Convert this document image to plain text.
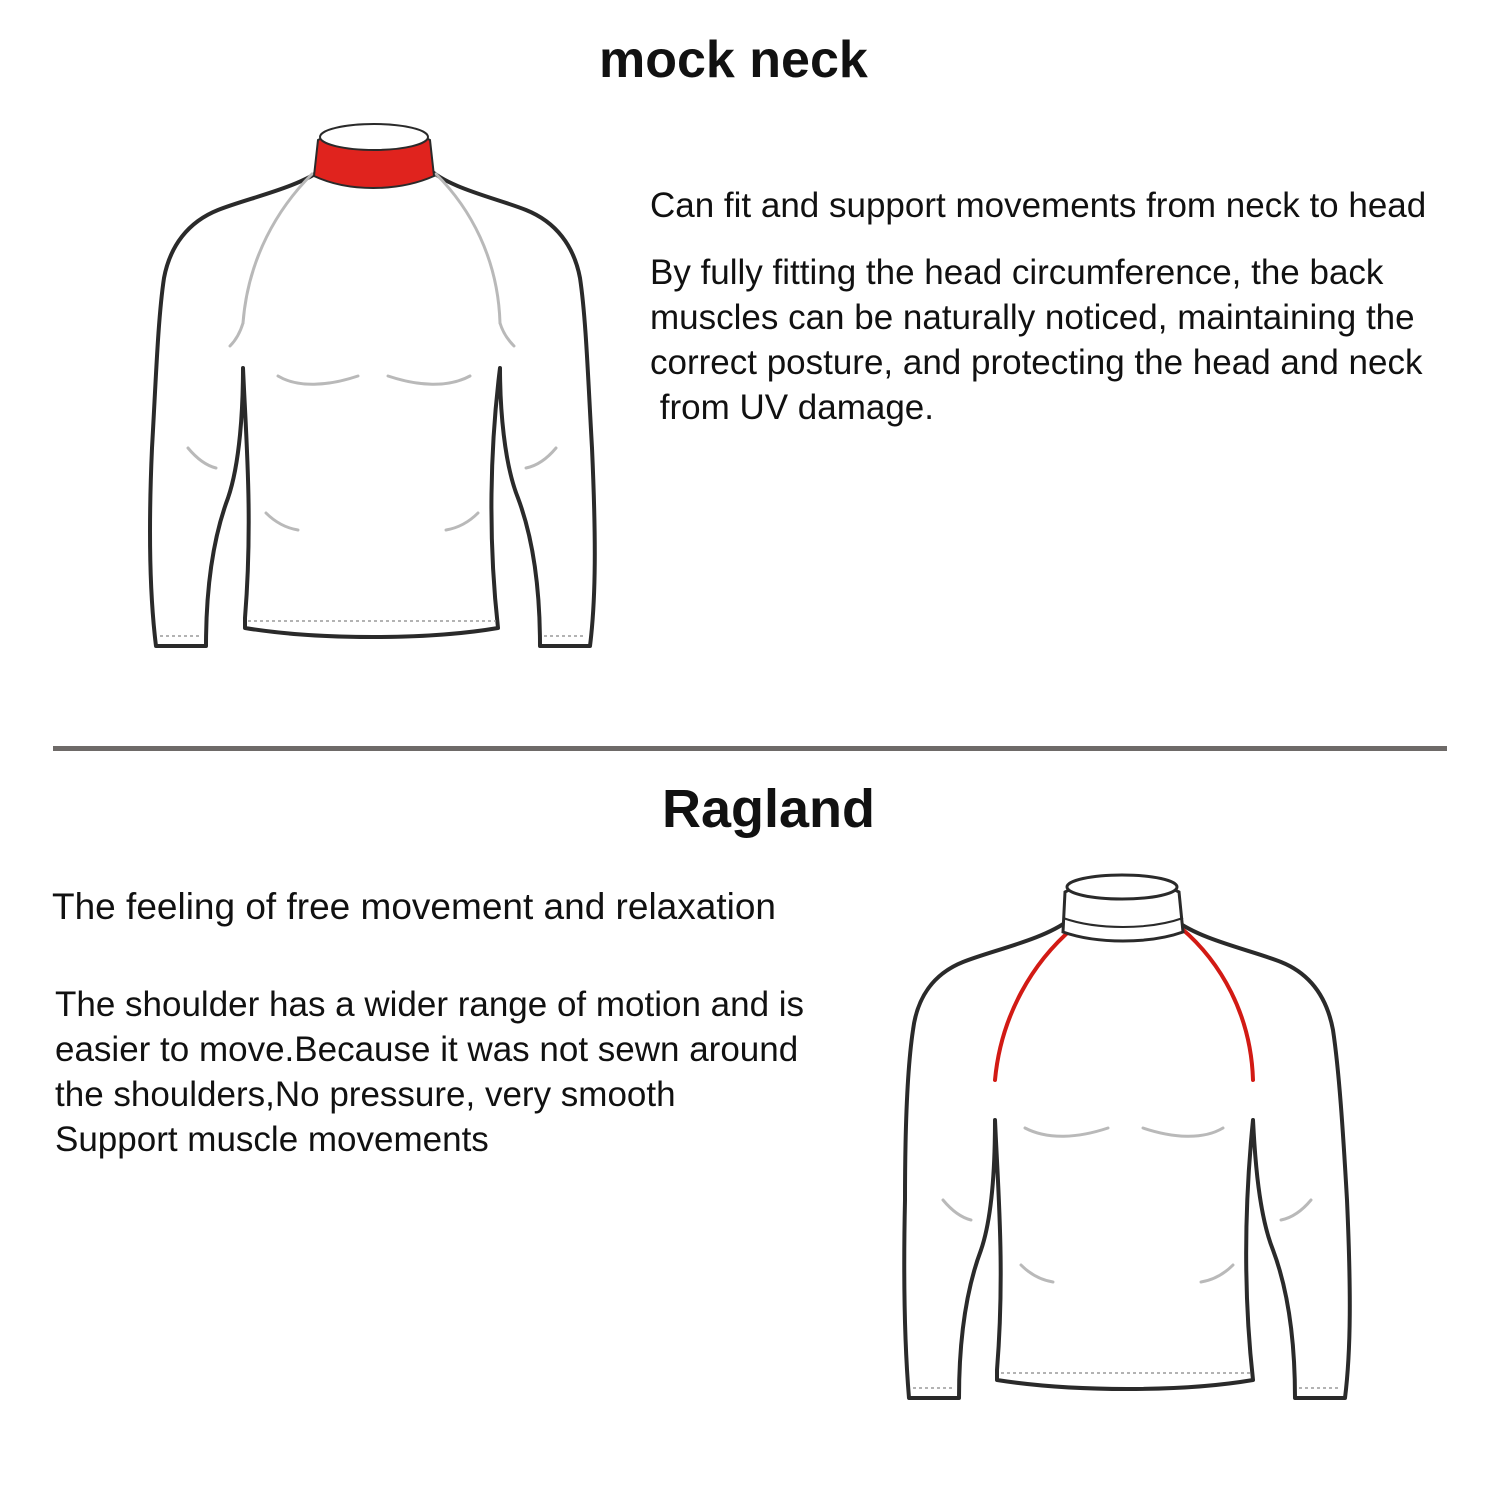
mock neck

Can fit and support movements from neck to head

By fully fitting the head circumference, the back
muscles can be naturally noticed, maintaining the
correct posture, and protecting the head and neck
from UV damage.

Ragland

The feeling of free movement and relaxation

The shoulder has a wider range of motion and is
easier to move.Because it was not sewn around
the shoulders,No pressure, very smooth
Support muscle movements
